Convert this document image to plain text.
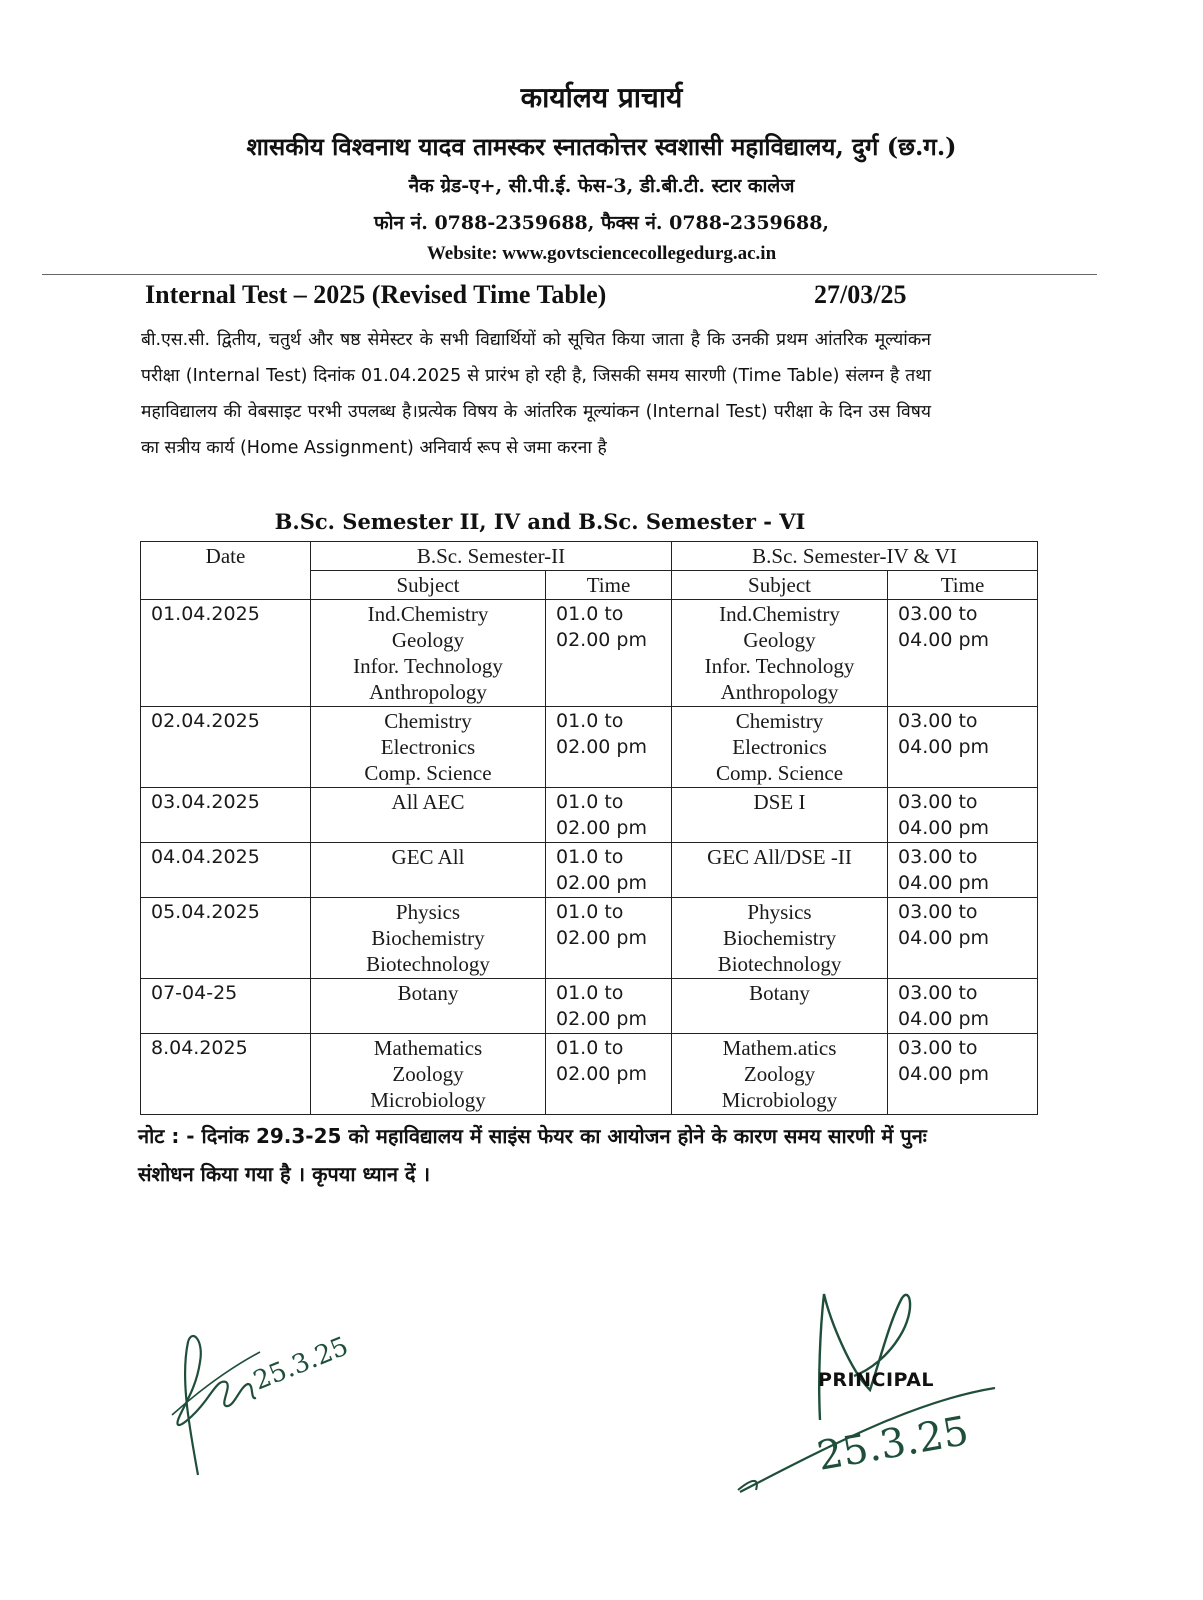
कार्यालय प्राचार्य
शासकीय विश्वनाथ यादव तामस्कर स्नातकोत्तर स्वशासी महाविद्यालय, दुर्ग (छ.ग.)
नैक ग्रेड-ए+, सी.पी.ई. फेस-3, डी.बी.टी. स्टार कालेज
फोन नं. 0788-2359688, फैक्स नं. 0788-2359688,
Website: www.govtsciencecollegedurg.ac.in
Internal Test – 2025 (Revised Time Table)	27/03/25
बी.एस.सी. द्वितीय, चतुर्थ और षष्ठ सेमेस्टर के सभी विद्यार्थियों को सूचित किया जाता है कि उनकी प्रथम आंतरिक मूल्यांकन परीक्षा (Internal Test) दिनांक 01.04.2025 से प्रारंभ हो रही है, जिसकी समय सारणी (Time Table) संलग्न है तथा महाविद्यालय की वेबसाइट परभी उपलब्ध है।प्रत्येक विषय के आंतरिक मूल्यांकन (Internal Test) परीक्षा के दिन उस विषय का सत्रीय कार्य (Home Assignment) अनिवार्य रूप से जमा करना है
B.Sc. Semester II, IV and B.Sc. Semester - VI
Date	B.Sc. Semester-II		B.Sc. Semester-IV & VI	
	Subject	Time	Subject	Time
01.04.2025	Ind.Chemistry
Geology
Infor. Technology
Anthropology	01.0 to
02.00 pm	Ind.Chemistry
Geology
Infor. Technology
Anthropology	03.00 to
04.00 pm

02.04.2025	Chemistry
Electronics
Comp. Science	01.0 to
02.00 pm	Chemistry
Electronics
Comp. Science	03.00 to
04.00 pm

03.04.2025	All AEC	01.0 to
02.00 pm	DSE I	03.00 to
04.00 pm

04.04.2025	GEC All	01.0 to
02.00 pm	GEC All/DSE -II	03.00 to
04.00 pm

05.04.2025	Physics
Biochemistry
Biotechnology	01.0 to
02.00 pm	Physics
Biochemistry
Biotechnology	03.00 to
04.00 pm

07-04-25	Botany	01.0 to
02.00 pm	Botany	03.00 to
04.00 pm

8.04.2025	Mathematics
Zoology
Microbiology	01.0 to
02.00 pm	Mathem.atics
Zoology
Microbiology	03.00 to
04.00 pm
नोट : - दिनांक 29.3-25 को महाविद्यालय में साइंस फेयर का आयोजन होने के कारण समय सारणी में पुनः संशोधन किया गया है । कृपया ध्यान दें ।
25.3.25
25.3.25
PRINCIPAL
